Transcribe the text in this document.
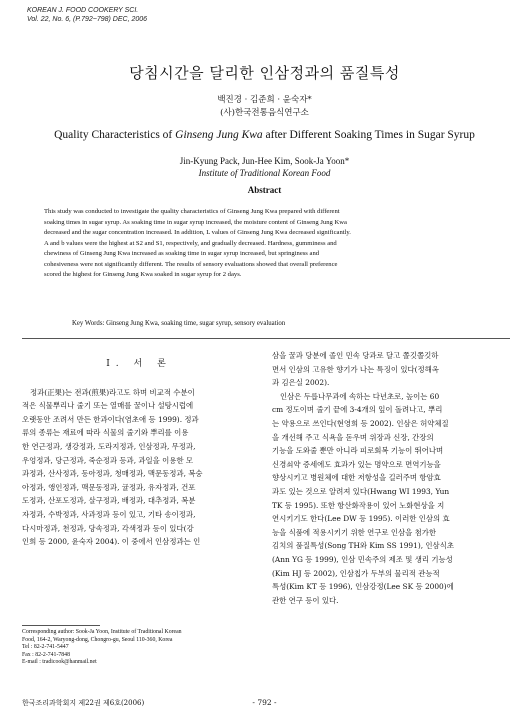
KOREAN J. FOOD COOKERY SCI.
Vol. 22, No. 6, (P.792~798) DEC, 2006
당침시간을 달리한 인삼정과의 품질특성
백진경 · 김준희 · 윤숙자*
(사)한국전통음식연구소
Quality Characteristics of Ginseng Jung Kwa after Different Soaking Times in Sugar Syrup
Jin-Kyung Pack, Jun-Hee Kim, Sook-Ja Yoon*
Institute of Traditional Korean Food
Abstract
This study was conducted to investigate the quality characteristics of Ginseng Jung Kwa prepared with different
soaking times in sugar syrup. As soaking time in sugar syrup increased, the moisture content of Ginseng Jung Kwa
decreased and the sugar concentration increased. In addition, L values of Ginseng Jung Kwa decreased significantly.
A and b values were the highest at S2 and S1, respectively, and gradually decreased. Hardness, gumminess and
chewiness of Ginseng Jung Kwa increased as soaking time in sugar syrup increased, but springiness and
cohesiveness were not significantly different. The results of sensory evaluations showed that overall preference
scored the highest for Ginseng Jung Kwa soaked in sugar syrup for 2 days.
Key Words: Ginseng Jung Kwa, soaking time, sugar syrup, sensory evaluation
I. 서 론

정과(正果)는 전과(煎果)라고도 하며 비교적 수분이

적은 식물뿌리나 줄기 또는 열매를 꿀이나 설탕시럽에
오랫동안 조려서 만든 한과이다(염초애 등 1999). 정과
류의 종류는 재료에 따라 식물의 줄기와 뿌리를 이용
한 연근정과, 생강정과, 도라지정과, 인삼정과, 무정과,
우엉정과, 당근정과, 죽순정과 등과, 과일을 이용한 모
과정과, 산사정과, 동아정과, 청매정과, 맥문동정과, 복숭
아정과, 앵인정과, 맥문동정과, 귤정과, 유자정과, 건포
도정과, 산포도정과, 살구정과, 배정과, 대추정과, 복분
자정과, 수박정과, 사과정과 등이 있고, 기타 송이정과,
다시마정과, 천정과, 당속정과, 각색정과 등이 있다(강
인희 등 2000, 윤숙자 2004). 이 중에서 인삼정과는 인
삼을 꿀과 당분에 졸인 민속 당과로 달고 쫄깃쫄깃하
면서 인삼의 고유한 향기가 나는 특징이 있다(정해옥
과 김은실 2002).

인삼은 두릅나무과에 속하는 다년초로, 높이는 60

cm 정도이며 줄기 끝에 3-4개의 잎이 돌려나고, 뿌리
는 약용으로 쓰인다(현영희 등 2002). 인삼은 허약체질
을 개선해 주고 식욕을 돋우며 위장과 신장, 간장의
기능을 도와줄 뿐만 아니라 피로회복 기능이 뛰어나며
신경쇠약 증세에도 효과가 있는 명약으로 면역기능을
향상시키고 병원체에 대한 저항성을 길러주며 항암효
과도 있는 것으로 알려져 있다(Hwang WI 1993, Yun
TK 등 1995). 또한 항산화작용이 있어 노화현상을 지
연시키기도 한다(Lee DW 등 1995). 이러한 인삼의 효
능을 식품에 적용시키기 위한 연구로 인삼을 첨가한
김치의 품질특성(Song TH와 Kim SS 1991), 인삼식초
(Ann YG 등 1999), 인삼 민속주의 제조 및 생리 기능성
(Kim HJ 등 2002), 인삼칩가 두부의 물리적 관능적
특성(Kim KT 등 1996), 인삼강정(Lee SK 등 2000)에
관한 연구 등이 있다.
Corresponding author: Sook-Ja Yoon, Institute of Traditional Korean
Food, 164-2, Waryong-dong, Chongro-gu, Seoul 110-360, Korea
Tel : 82-2-741-5447
Fax : 82-2-741-7848
E-mail : tradicook@hanmail.net
한국조리과학회지 제22권 제6호(2006)	- 792 -
